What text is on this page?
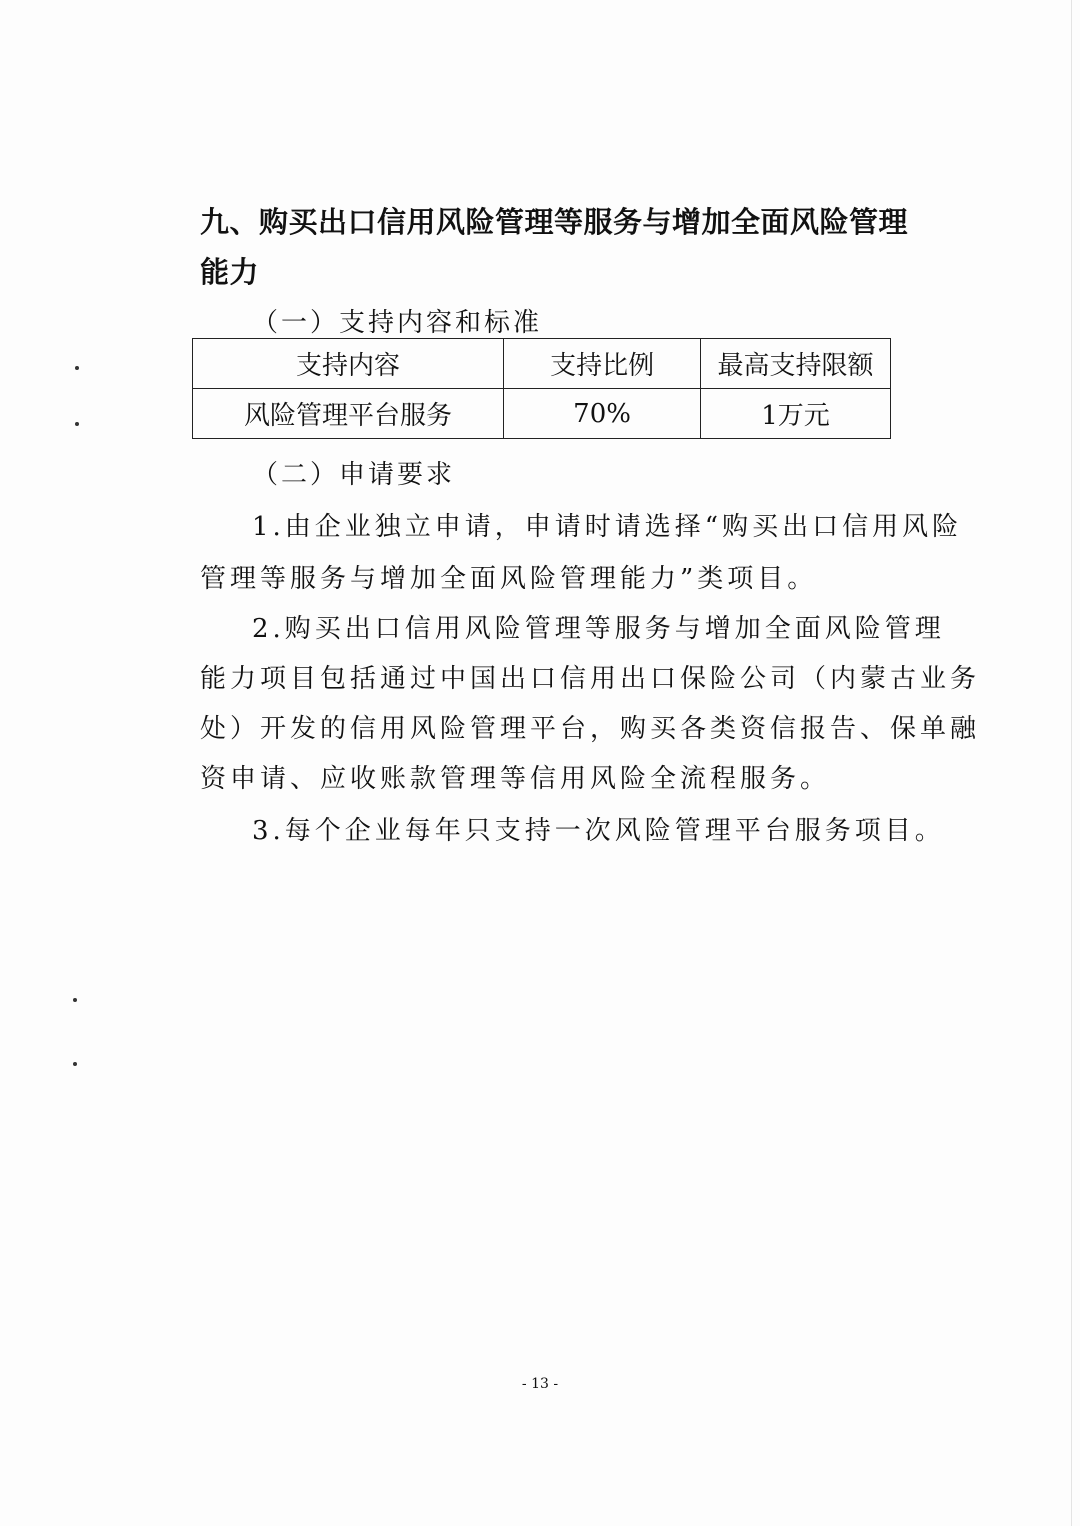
九、购买出口信用风险管理等服务与增加全面风险管理
能力
（一）支持内容和标准
支持内容	支持比例	最高支持限额
风险管理平台服务	70%	1万元
（二）申请要求
1.由企业独立申请，申请时请选择“购买出口信用风险
管理等服务与增加全面风险管理能力”类项目。
2.购买出口信用风险管理等服务与增加全面风险管理
能力项目包括通过中国出口信用出口保险公司（内蒙古业务
处）开发的信用风险管理平台，购买各类资信报告、保单融
资申请、应收账款管理等信用风险全流程服务。
3.每个企业每年只支持一次风险管理平台服务项目。
- 13 -
